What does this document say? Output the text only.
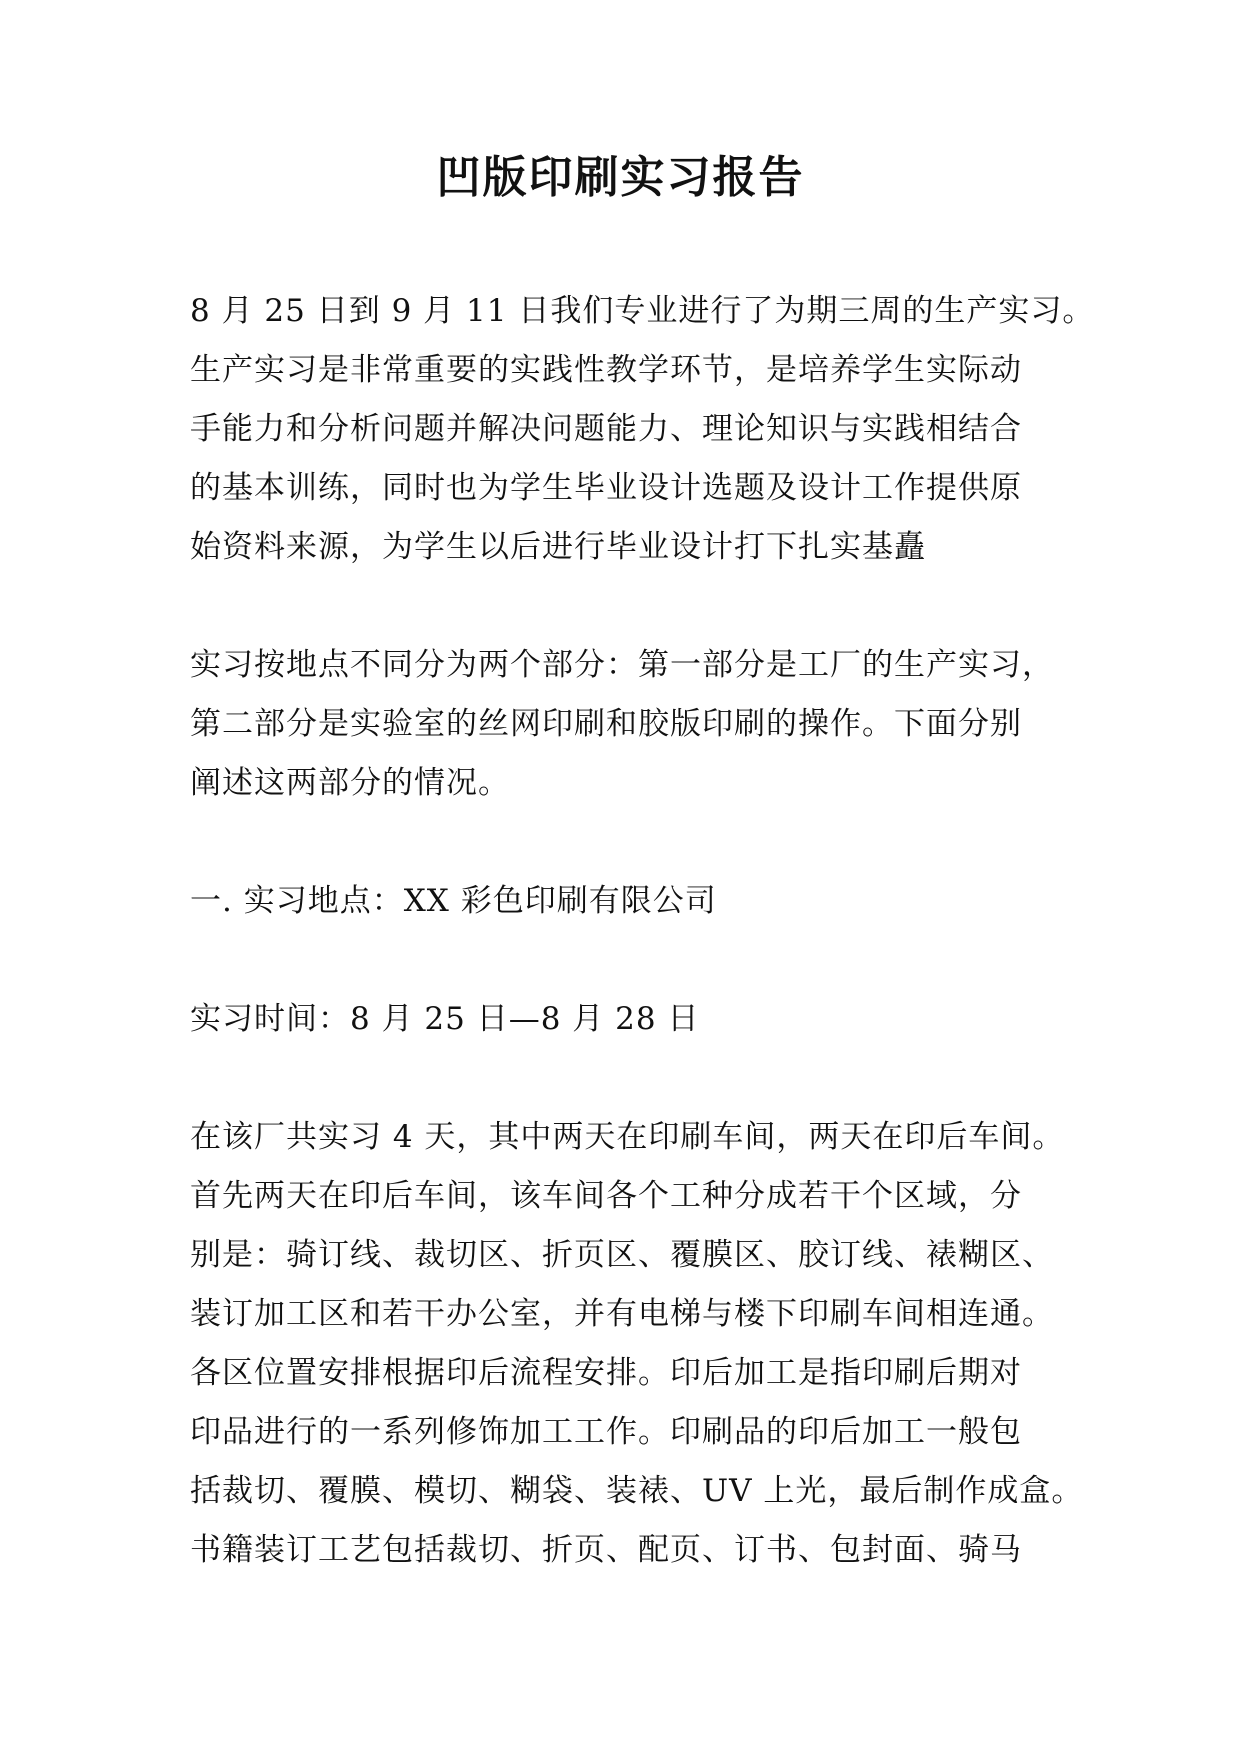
凹版印刷实习报告

8 月 25 日到 9 月 11 日我们专业进行了为期三周的生产实习。
生产实习是非常重要的实践性教学环节，是培养学生实际动
手能力和分析问题并解决问题能力、理论知识与实践相结合
的基本训练，同时也为学生毕业设计选题及设计工作提供原
始资料来源，为学生以后进行毕业设计打下扎实基矗

实习按地点不同分为两个部分：第一部分是工厂的生产实习，
第二部分是实验室的丝网印刷和胶版印刷的操作。下面分别
阐述这两部分的情况。

一. 实习地点：XX 彩色印刷有限公司

实习时间：8 月 25 日—8 月 28 日

在该厂共实习 4 天，其中两天在印刷车间，两天在印后车间。
首先两天在印后车间，该车间各个工种分成若干个区域，分
别是：骑订线、裁切区、折页区、覆膜区、胶订线、裱糊区、
装订加工区和若干办公室，并有电梯与楼下印刷车间相连通。
各区位置安排根据印后流程安排。印后加工是指印刷后期对
印品进行的一系列修饰加工工作。印刷品的印后加工一般包
括裁切、覆膜、模切、糊袋、装裱、UV 上光，最后制作成盒。
书籍装订工艺包括裁切、折页、配页、订书、包封面、骑马
